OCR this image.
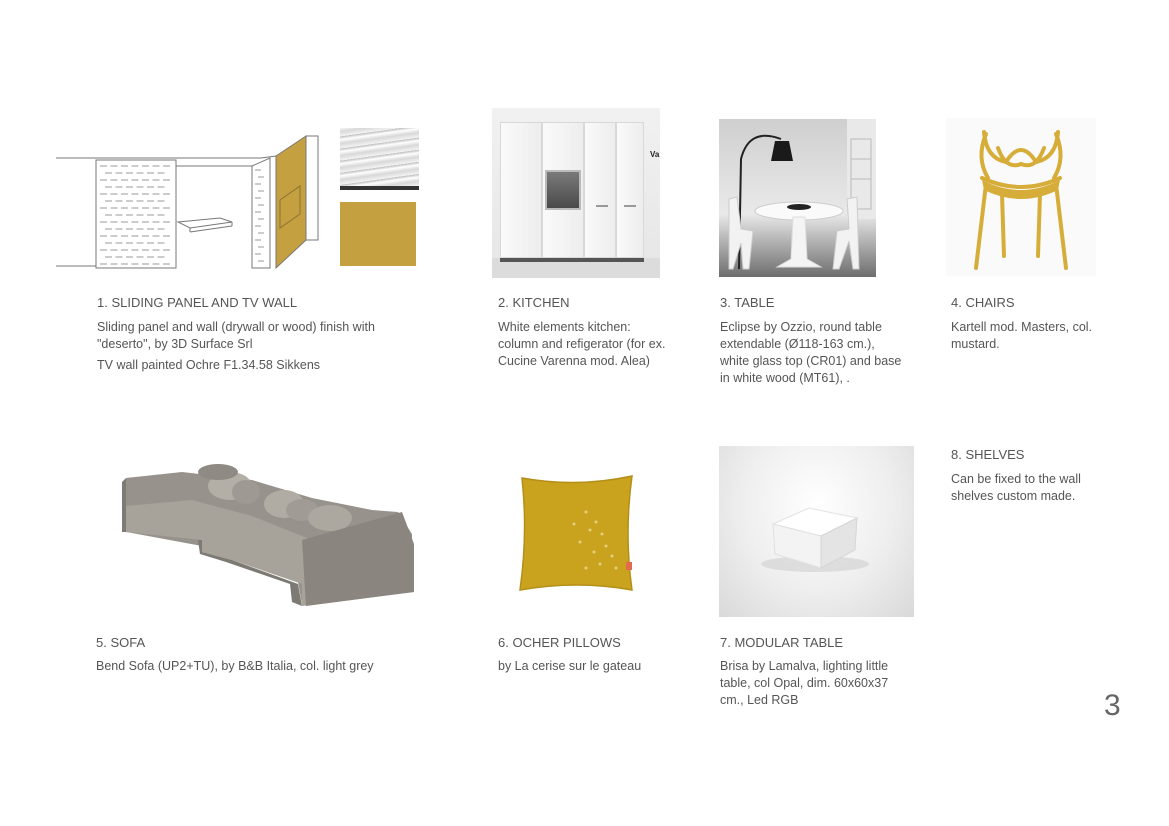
Va
1. SLIDING PANEL AND TV WALL

Sliding panel and wall (drywall or wood) finish with "deserto", by 3D Surface Srl

TV wall painted Ochre F1.34.58 Sikkens

2. KITCHEN

White elements kitchen: column and refigerator (for ex. Cucine Varenna mod. Alea)

3. TABLE

Eclipse by Ozzio, round table extendable (Ø118-163 cm.), white glass top (CR01) and base in white wood (MT61), .

4. CHAIRS

Kartell mod. Masters, col. mustard.

5. SOFA

Bend Sofa (UP2+TU), by B&B Italia, col. light grey

6. OCHER PILLOWS

by La cerise sur le gateau

7. MODULAR TABLE

Brisa by Lamalva, lighting little table, col Opal, dim. 60x60x37 cm., Led RGB

8. SHELVES

Can be fixed to the wall shelves custom made.

3
